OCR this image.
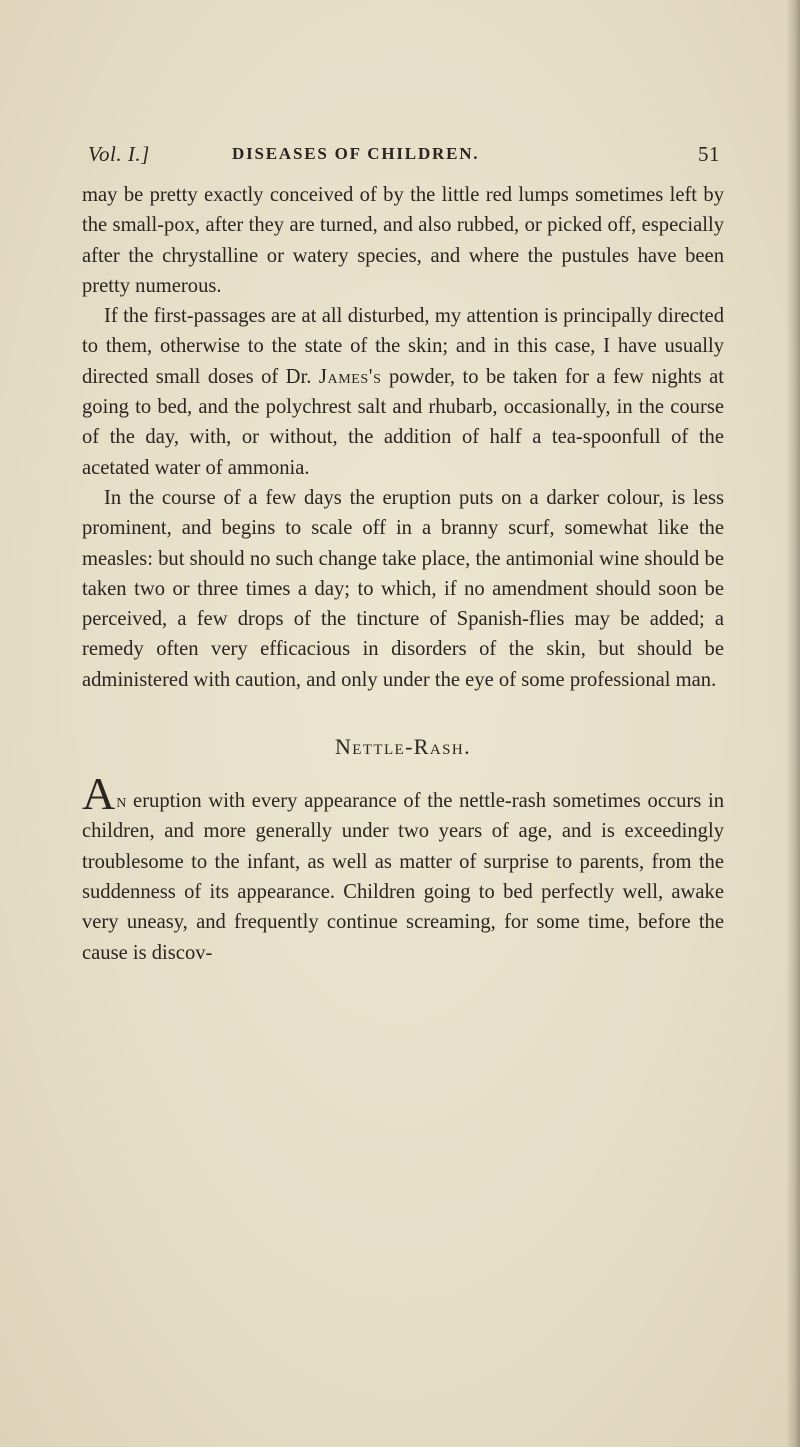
Vol. I.]	DISEASES OF CHILDREN.	51

may be pretty exactly conceived of by the little red lumps sometimes left by the small-pox, after they are turned, and also rubbed, or picked off, especially after the chrystalline or watery species, and where the pustules have been pretty numerous.

If the first-passages are at all disturbed, my attention is principally directed to them, otherwise to the state of the skin; and in this case, I have usually directed small doses of Dr. James's powder, to be taken for a few nights at going to bed, and the polychrest salt and rhubarb, occasionally, in the course of the day, with, or without, the addition of half a tea-spoonfull of the acetated water of ammonia.

In the course of a few days the eruption puts on a darker colour, is less prominent, and begins to scale off in a branny scurf, somewhat like the measles: but should no such change take place, the antimonial wine should be taken two or three times a day; to which, if no amendment should soon be perceived, a few drops of the tincture of Spanish-flies may be added; a remedy often very efficacious in disorders of the skin, but should be administered with caution, and only under the eye of some professional man.

Nettle-Rash.

An eruption with every appearance of the nettle-rash sometimes occurs in children, and more generally under two years of age, and is exceedingly troublesome to the infant, as well as matter of surprise to parents, from the suddenness of its appearance. Children going to bed perfectly well, awake very uneasy, and frequently continue screaming, for some time, before the cause is discov-
